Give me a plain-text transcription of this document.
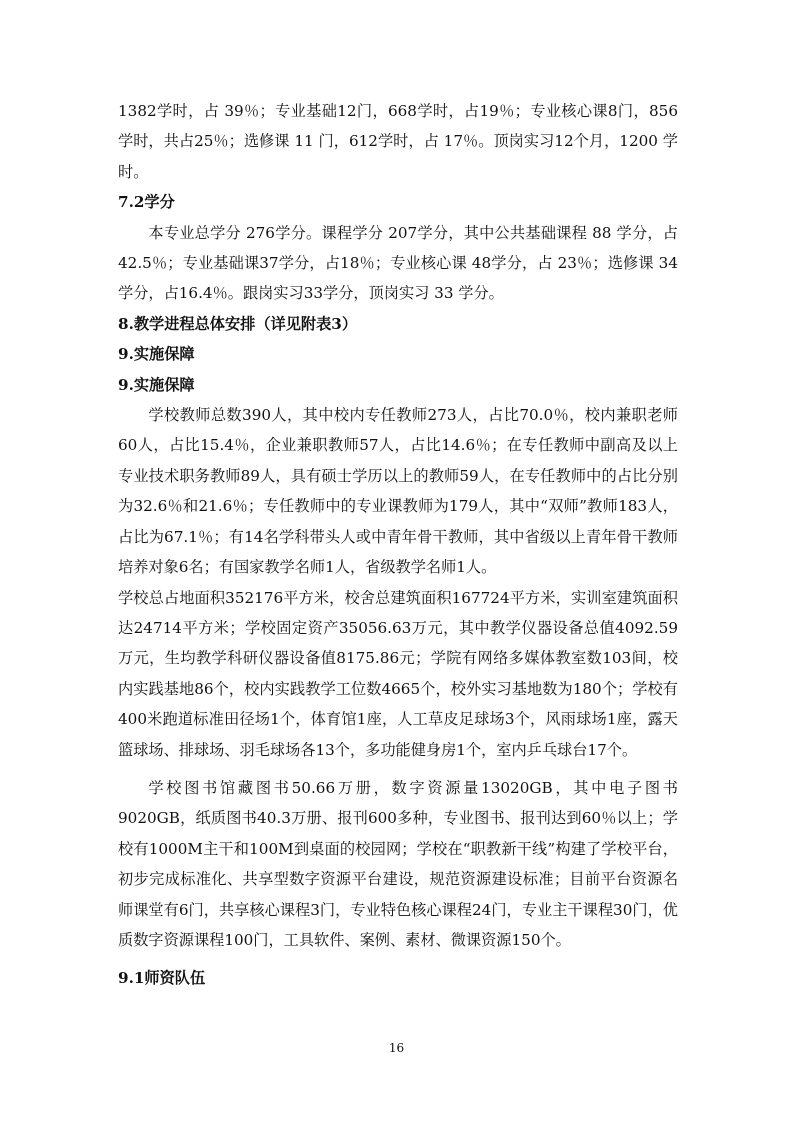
1382学时，占 39％；专业基础12门，668学时，占19％；专业核心课8门，856学时，共占25％；选修课 11 门，612学时，占 17％。顶岗实习12个月，1200 学时。

7.2学分

本专业总学分 276学分。课程学分 207学分，其中公共基础课程 88 学分，占 42.5％；专业基础课37学分，占18％；专业核心课 48学分，占 23％；选修课 34 学分，占16.4％。跟岗实习33学分，顶岗实习 33 学分。

8.教学进程总体安排（详见附表3）
9.实施保障
9.实施保障

学校教师总数390人，其中校内专任教师273人，占比70.0％，校内兼职老师60人，占比15.4％，企业兼职教师57人，占比14.6％；在专任教师中副高及以上专业技术职务教师89人，具有硕士学历以上的教师59人，在专任教师中的占比分别为32.6％和21.6％；专任教师中的专业课教师为179人，其中“双师”教师183人，占比为67.1％；有14名学科带头人或中青年骨干教师，其中省级以上青年骨干教师培养对象6名；有国家教学名师1人，省级教学名师1人。

学校总占地面积352176平方米，校舍总建筑面积167724平方米，实训室建筑面积达24714平方米；学校固定资产35056.63万元，其中教学仪器设备总值4092.59万元，生均教学科研仪器设备值8175.86元；学院有网络多媒体教室数103间，校内实践基地86个，校内实践教学工位数4665个，校外实习基地数为180个；学校有400米跑道标准田径场1个，体育馆1座，人工草皮足球场3个，风雨球场1座，露天篮球场、排球场、羽毛球场各13个，多功能健身房1个，室内乒乓球台17个。

学校图书馆藏图书50.66万册，数字资源量13020GB，其中电子图书9020GB，纸质图书40.3万册、报刊600多种，专业图书、报刊达到60％以上；学校有1000M主干和100M到桌面的校园网；学校在“职教新干线”构建了学校平台，初步完成标准化、共享型数字资源平台建设，规范资源建设标准；目前平台资源名师课堂有6门，共享核心课程3门，专业特色核心课程24门，专业主干课程30门，优质数字资源课程100门，工具软件、案例、素材、微课资源150个。

9.1师资队伍
16
